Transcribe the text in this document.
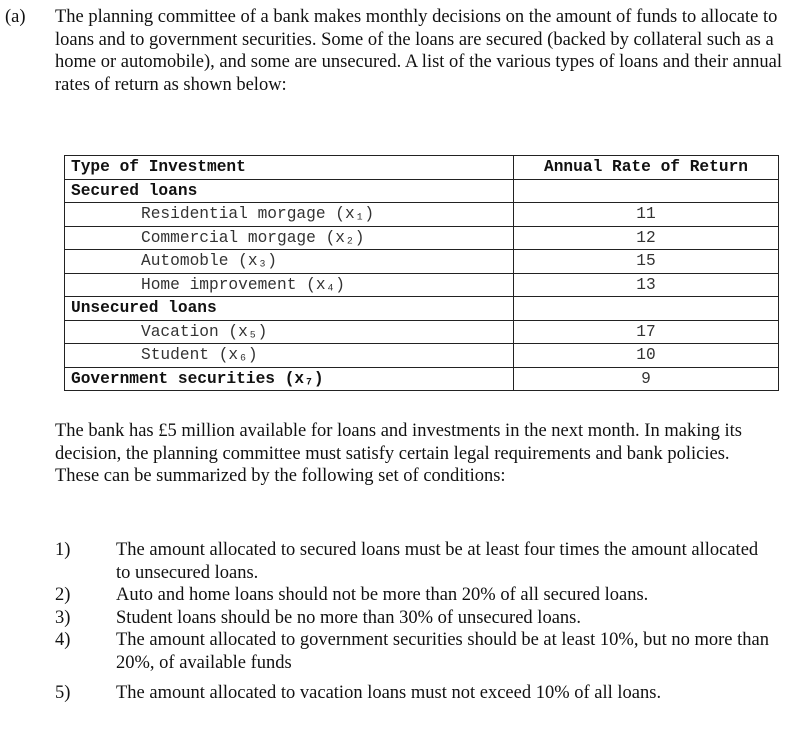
(a) The planning committee of a bank makes monthly decisions on the amount of funds to allocate to loans and to government securities. Some of the loans are secured (backed by collateral such as a home or automobile), and some are unsecured. A list of the various types of loans and their annual rates of return as shown below:
Type of Investment	Annual Rate of Return
Secured loans	
Residential morgage (x₁)	11
Commercial morgage (x₂)	12
Automoble (x₃)	15
Home improvement (x₄)	13
Unsecured loans	
Vacation (x₅)	17
Student (x₆)	10
Government securities (x₇)	9
The bank has £5 million available for loans and investments in the next month. In making its decision, the planning committee must satisfy certain legal requirements and bank policies. These can be summarized by the following set of conditions:
1)	The amount allocated to secured loans must be at least four times the amount allocated to unsecured loans.
2)	Auto and home loans should not be more than 20% of all secured loans.
3)	Student loans should be no more than 30% of unsecured loans.
4)	The amount allocated to government securities should be at least 10%, but no more than 20%, of available funds
5)	The amount allocated to vacation loans must not exceed 10% of all loans.
